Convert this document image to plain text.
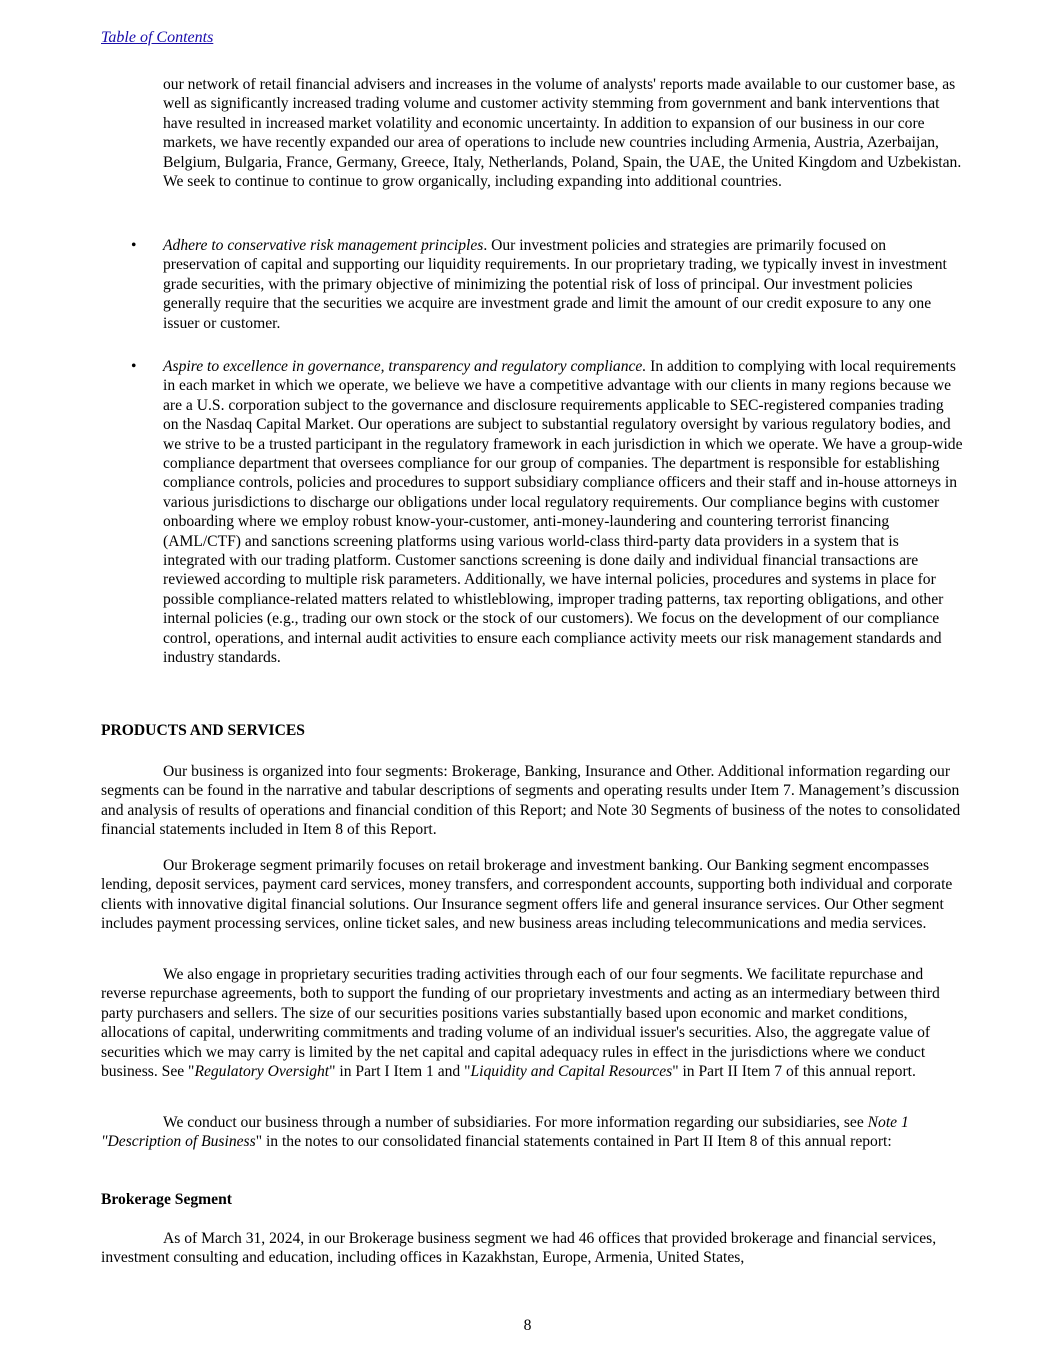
Table of Contents

our network of retail financial advisers and increases in the volume of analysts' reports made available to our customer base, as well as significantly increased trading volume and customer activity stemming from government and bank interventions that have resulted in increased market volatility and economic uncertainty. In addition to expansion of our business in our core markets, we have recently expanded our area of operations to include new countries including Armenia, Austria, Azerbaijan, Belgium, Bulgaria, France, Germany, Greece, Italy, Netherlands, Poland, Spain, the UAE, the United Kingdom and Uzbekistan. We seek to continue to continue to grow organically, including expanding into additional countries.

• Adhere to conservative risk management principles. Our investment policies and strategies are primarily focused on preservation of capital and supporting our liquidity requirements. In our proprietary trading, we typically invest in investment grade securities, with the primary objective of minimizing the potential risk of loss of principal. Our investment policies generally require that the securities we acquire are investment grade and limit the amount of our credit exposure to any one issuer or customer.

• Aspire to excellence in governance, transparency and regulatory compliance. In addition to complying with local requirements in each market in which we operate, we believe we have a competitive advantage with our clients in many regions because we are a U.S. corporation subject to the governance and disclosure requirements applicable to SEC-registered companies trading on the Nasdaq Capital Market. Our operations are subject to substantial regulatory oversight by various regulatory bodies, and we strive to be a trusted participant in the regulatory framework in each jurisdiction in which we operate. We have a group-wide compliance department that oversees compliance for our group of companies. The department is responsible for establishing compliance controls, policies and procedures to support subsidiary compliance officers and their staff and in-house attorneys in various jurisdictions to discharge our obligations under local regulatory requirements. Our compliance begins with customer onboarding where we employ robust know-your-customer, anti-money-laundering and countering terrorist financing (AML/CTF) and sanctions screening platforms using various world-class third-party data providers in a system that is integrated with our trading platform. Customer sanctions screening is done daily and individual financial transactions are reviewed according to multiple risk parameters. Additionally, we have internal policies, procedures and systems in place for possible compliance-related matters related to whistleblowing, improper trading patterns, tax reporting obligations, and other internal policies (e.g., trading our own stock or the stock of our customers). We focus on the development of our compliance control, operations, and internal audit activities to ensure each compliance activity meets our risk management standards and industry standards.

PRODUCTS AND SERVICES

Our business is organized into four segments: Brokerage, Banking, Insurance and Other. Additional information regarding our segments can be found in the narrative and tabular descriptions of segments and operating results under Item 7. Management’s discussion and analysis of results of operations and financial condition of this Report; and Note 30 Segments of business of the notes to consolidated financial statements included in Item 8 of this Report.

Our Brokerage segment primarily focuses on retail brokerage and investment banking. Our Banking segment encompasses lending, deposit services, payment card services, money transfers, and correspondent accounts, supporting both individual and corporate clients with innovative digital financial solutions. Our Insurance segment offers life and general insurance services. Our Other segment includes payment processing services, online ticket sales, and new business areas including telecommunications and media services.

We also engage in proprietary securities trading activities through each of our four segments. We facilitate repurchase and reverse repurchase agreements, both to support the funding of our proprietary investments and acting as an intermediary between third party purchasers and sellers. The size of our securities positions varies substantially based upon economic and market conditions, allocations of capital, underwriting commitments and trading volume of an individual issuer's securities. Also, the aggregate value of securities which we may carry is limited by the net capital and capital adequacy rules in effect in the jurisdictions where we conduct business. See "Regulatory Oversight" in Part I Item 1 and "Liquidity and Capital Resources" in Part II Item 7 of this annual report.

We conduct our business through a number of subsidiaries. For more information regarding our subsidiaries, see Note 1 "Description of Business" in the notes to our consolidated financial statements contained in Part II Item 8 of this annual report:

Brokerage Segment

As of March 31, 2024, in our Brokerage business segment we had 46 offices that provided brokerage and financial services, investment consulting and education, including offices in Kazakhstan, Europe, Armenia, United States,

8
